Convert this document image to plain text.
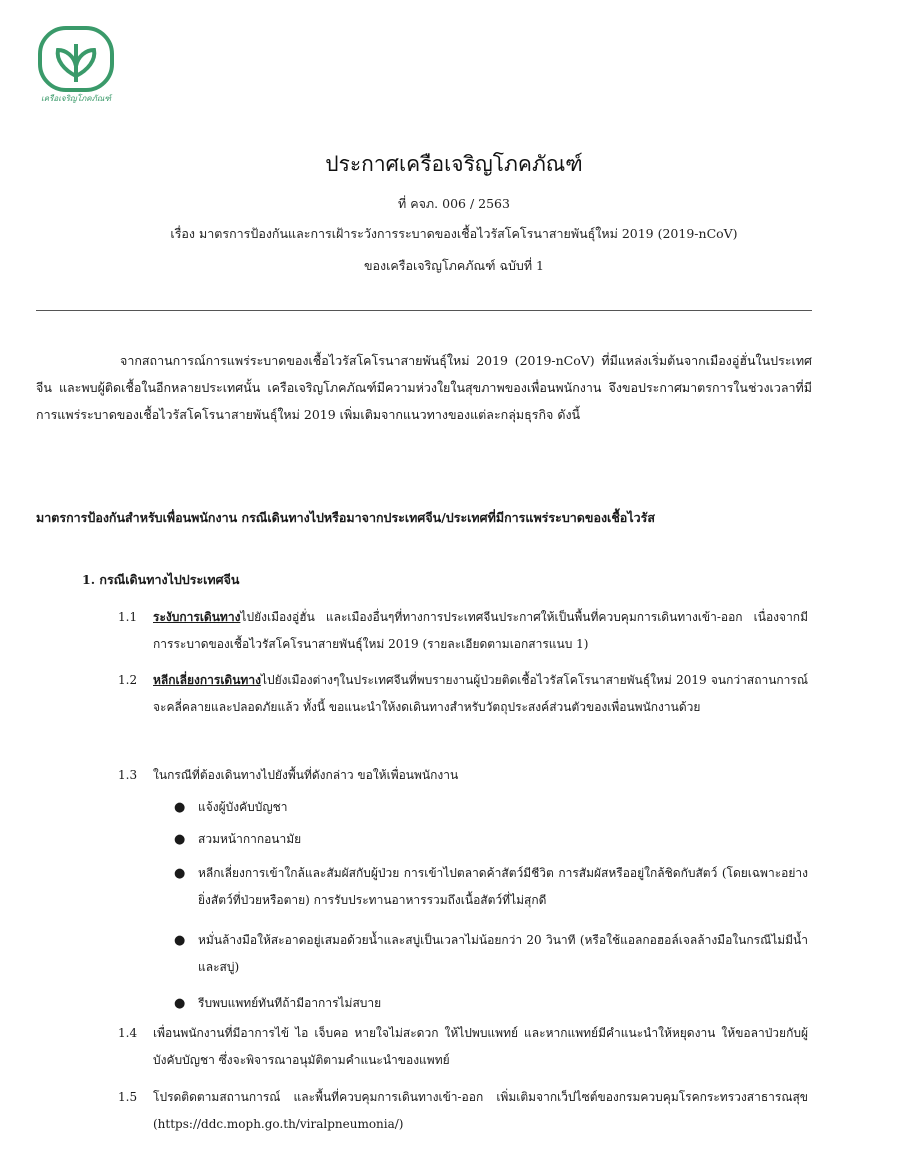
เครือเจริญโภคภัณฑ์
ประกาศเครือเจริญโภคภัณฑ์
ที่ คจภ. 006 / 2563
เรื่อง มาตรการป้องกันและการเฝ้าระวังการระบาดของเชื้อไวรัสโคโรนาสายพันธุ์ใหม่ 2019 (2019-nCoV)
ของเครือเจริญโภคภัณฑ์ ฉบับที่ 1

จากสถานการณ์การแพร่ระบาดของเชื้อไวรัสโคโรนาสายพันธุ์ใหม่ 2019 (2019-nCoV) ที่มีแหล่งเริ่มต้นจากเมืองอู่ฮั่นในประเทศจีน และพบผู้ติดเชื้อในอีกหลายประเทศนั้น เครือเจริญโภคภัณฑ์มีความห่วงใยในสุขภาพของเพื่อนพนักงาน จึงขอประกาศมาตรการในช่วงเวลาที่มีการแพร่ระบาดของเชื้อไวรัสโคโรนาสายพันธุ์ใหม่ 2019 เพิ่มเติมจากแนวทางของแต่ละกลุ่มธุรกิจ ดังนี้

มาตรการป้องกันสำหรับเพื่อนพนักงาน กรณีเดินทางไปหรือมาจากประเทศจีน/ประเทศที่มีการแพร่ระบาดของเชื้อไวรัส

1. กรณีเดินทางไปประเทศจีน

1.1	ระงับการเดินทางไปยังเมืองอู่ฮั่น และเมืองอื่นๆที่ทางการประเทศจีนประกาศให้เป็นพื้นที่ควบคุมการเดินทางเข้า-ออก เนื่องจากมีการระบาดของเชื้อไวรัสโคโรนาสายพันธุ์ใหม่ 2019 (รายละเอียดตามเอกสารแนบ 1)
1.2	หลีกเลี่ยงการเดินทางไปยังเมืองต่างๆในประเทศจีนที่พบรายงานผู้ป่วยติดเชื้อไวรัสโคโรนาสายพันธุ์ใหม่ 2019 จนกว่าสถานการณ์จะคลี่คลายและปลอดภัยแล้ว ทั้งนี้ ขอแนะนำให้งดเดินทางสำหรับวัตถุประสงค์ส่วนตัวของเพื่อนพนักงานด้วย
1.3	ในกรณีที่ต้องเดินทางไปยังพื้นที่ดังกล่าว ขอให้เพื่อนพนักงาน
●	แจ้งผู้บังคับบัญชา
●	สวมหน้ากากอนามัย
●	หลีกเลี่ยงการเข้าใกล้และสัมผัสกับผู้ป่วย การเข้าไปตลาดค้าสัตว์มีชีวิต การสัมผัสหรืออยู่ใกล้ชิดกับสัตว์ (โดยเฉพาะอย่างยิ่งสัตว์ที่ป่วยหรือตาย) การรับประทานอาหารรวมถึงเนื้อสัตว์ที่ไม่สุกดี
●	หมั่นล้างมือให้สะอาดอยู่เสมอด้วยน้ำและสบู่เป็นเวลาไม่น้อยกว่า 20 วินาที (หรือใช้แอลกอฮอล์เจลล้างมือในกรณีไม่มีน้ำและสบู่)
●	รีบพบแพทย์ทันทีถ้ามีอาการไม่สบาย
1.4	เพื่อนพนักงานที่มีอาการไข้ ไอ เจ็บคอ หายใจไม่สะดวก ให้ไปพบแพทย์ และหากแพทย์มีคำแนะนำให้หยุดงาน ให้ขอลาป่วยกับผู้บังคับบัญชา ซึ่งจะพิจารณาอนุมัติตามคำแนะนำของแพทย์
1.5	โปรดติดตามสถานการณ์ และพื้นที่ควบคุมการเดินทางเข้า-ออก เพิ่มเติมจากเว็ปไซต์ของกรมควบคุมโรคกระทรวงสาธารณสุข (https://ddc.moph.go.th/viralpneumonia/)
